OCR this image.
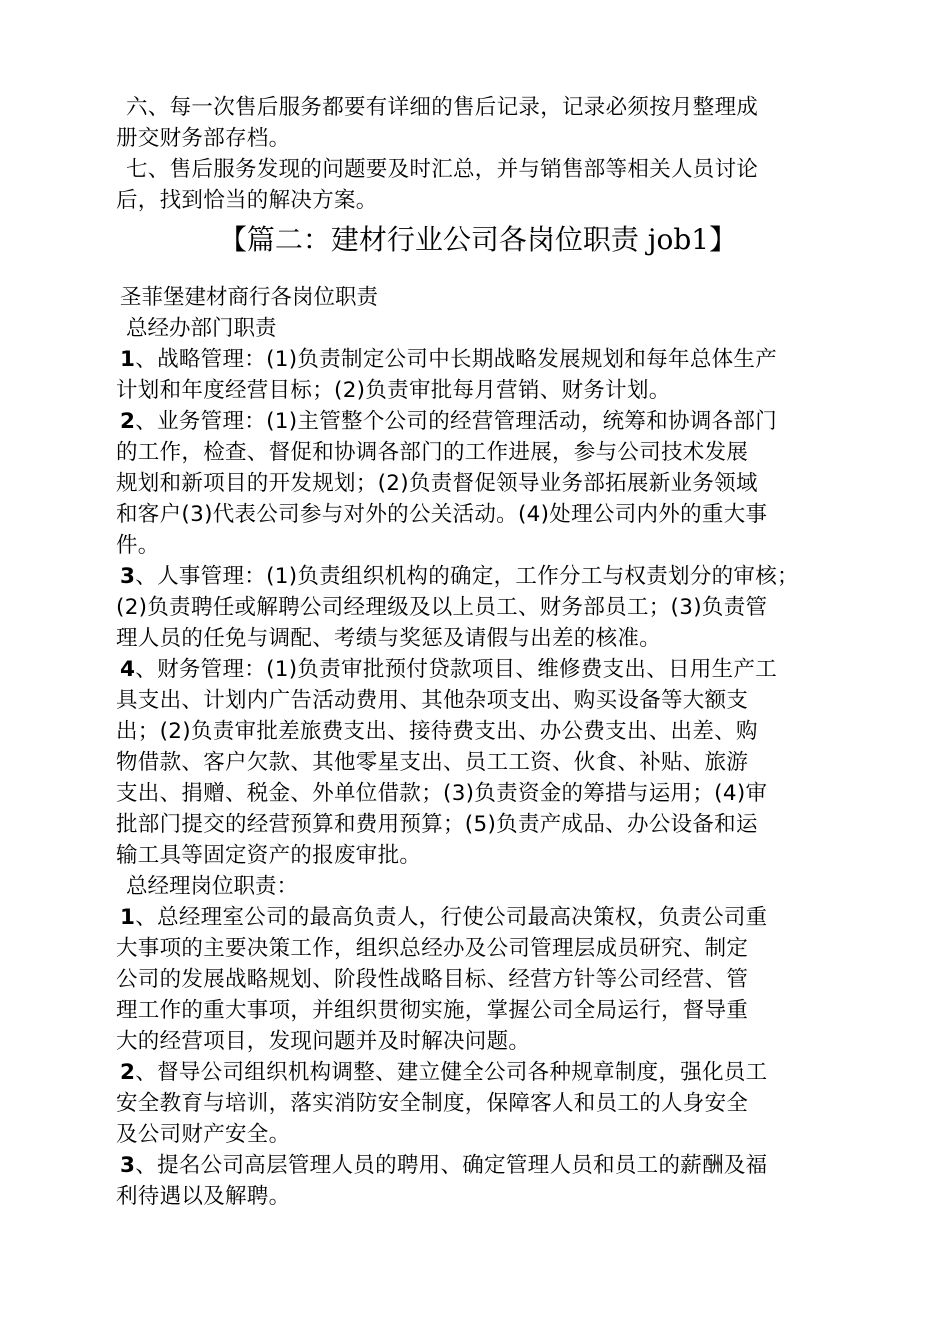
六、每一次售后服务都要有详细的售后记录，记录必须按月整理成
册交财务部存档。
七、售后服务发现的问题要及时汇总，并与销售部等相关人员讨论
后，找到恰当的解决方案。
【篇二：建材行业公司各岗位职责 job1】
圣菲堡建材商行各岗位职责
总经办部门职责
1、战略管理：(1)负责制定公司中长期战略发展规划和每年总体生产
计划和年度经营目标；(2)负责审批每月营销、财务计划。
2、业务管理：(1)主管整个公司的经营管理活动，统筹和协调各部门
的工作，检查、督促和协调各部门的工作进展，参与公司技术发展
规划和新项目的开发规划；(2)负责督促领导业务部拓展新业务领域
和客户(3)代表公司参与对外的公关活动。(4)处理公司内外的重大事
件。
3、人事管理：(1)负责组织机构的确定，工作分工与权责划分的审核；
(2)负责聘任或解聘公司经理级及以上员工、财务部员工；(3)负责管
理人员的任免与调配、考绩与奖惩及请假与出差的核准。
4、财务管理：(1)负责审批预付贷款项目、维修费支出、日用生产工
具支出、计划内广告活动费用、其他杂项支出、购买设备等大额支
出；(2)负责审批差旅费支出、接待费支出、办公费支出、出差、购
物借款、客户欠款、其他零星支出、员工工资、伙食、补贴、旅游
支出、捐赠、税金、外单位借款；(3)负责资金的筹措与运用；(4)审
批部门提交的经营预算和费用预算；(5)负责产成品、办公设备和运
输工具等固定资产的报废审批。
总经理岗位职责：
1、总经理室公司的最高负责人，行使公司最高决策权，负责公司重
大事项的主要决策工作，组织总经办及公司管理层成员研究、制定
公司的发展战略规划、阶段性战略目标、经营方针等公司经营、管
理工作的重大事项，并组织贯彻实施，掌握公司全局运行，督导重
大的经营项目，发现问题并及时解决问题。
2、督导公司组织机构调整、建立健全公司各种规章制度，强化员工
安全教育与培训，落实消防安全制度，保障客人和员工的人身安全
及公司财产安全。
3、提名公司高层管理人员的聘用、确定管理人员和员工的薪酬及福
利待遇以及解聘。
